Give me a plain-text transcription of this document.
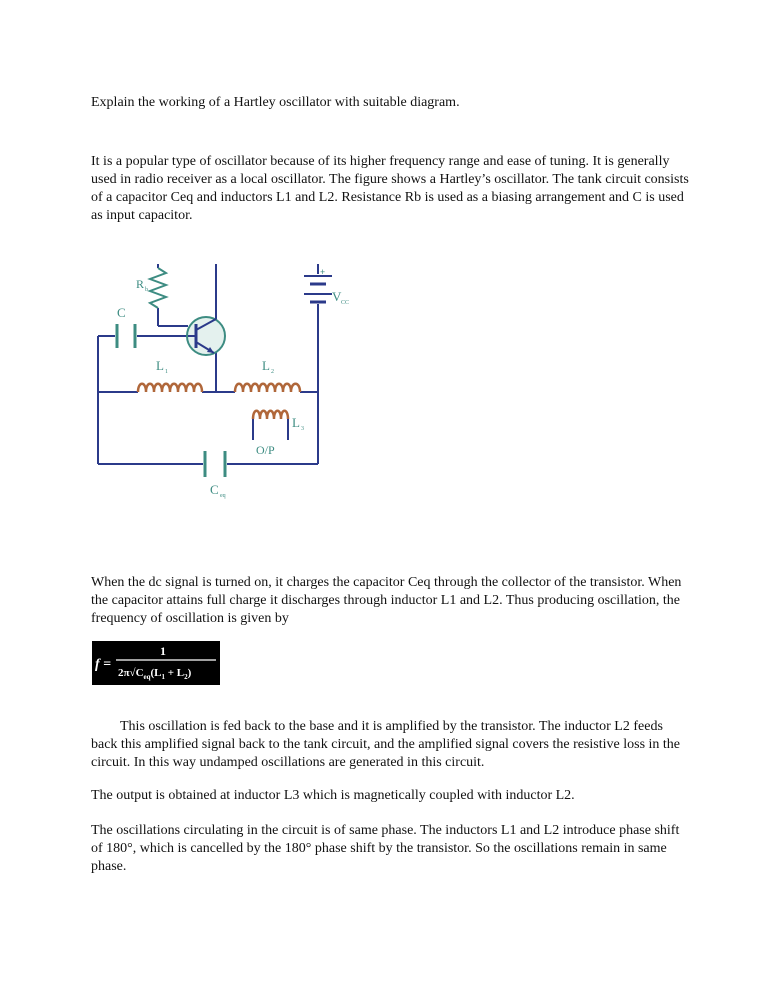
Explain the working of a Hartley oscillator with suitable diagram.

It is a popular type of oscillator because of its higher frequency range and ease of tuning. It is generally used in radio receiver as a local oscillator. The figure shows a Hartley’s oscillator. The tank circuit consists of a capacitor Ceq and inductors L1 and L2. Resistance Rb is used as a biasing arrangement and C is used as input capacitor.

R b
C
+
V CC
L 1	L 2
L 3
O/P
C eq

When the dc signal is turned on, it charges the capacitor Ceq through the collector of the transistor. When the capacitor attains full charge it discharges through inductor L1 and L2. Thus producing oscillation, the frequency of oscillation is given by

f =
1
$2\pi√C_{eq}(L_1 + L_2)$

This oscillation is fed back to the base and it is amplified by the transistor. The inductor L2 feeds back this amplified signal back to the tank circuit, and the amplified signal covers the resistive loss in the circuit. In this way undamped oscillations are generated in this circuit.

The output is obtained at inductor L3 which is magnetically coupled with inductor L2.

The oscillations circulating in the circuit is of same phase. The inductors L1 and L2 introduce phase shift of 180°, which is cancelled by the 180° phase shift by the transistor. So the oscillations remain in same phase.
